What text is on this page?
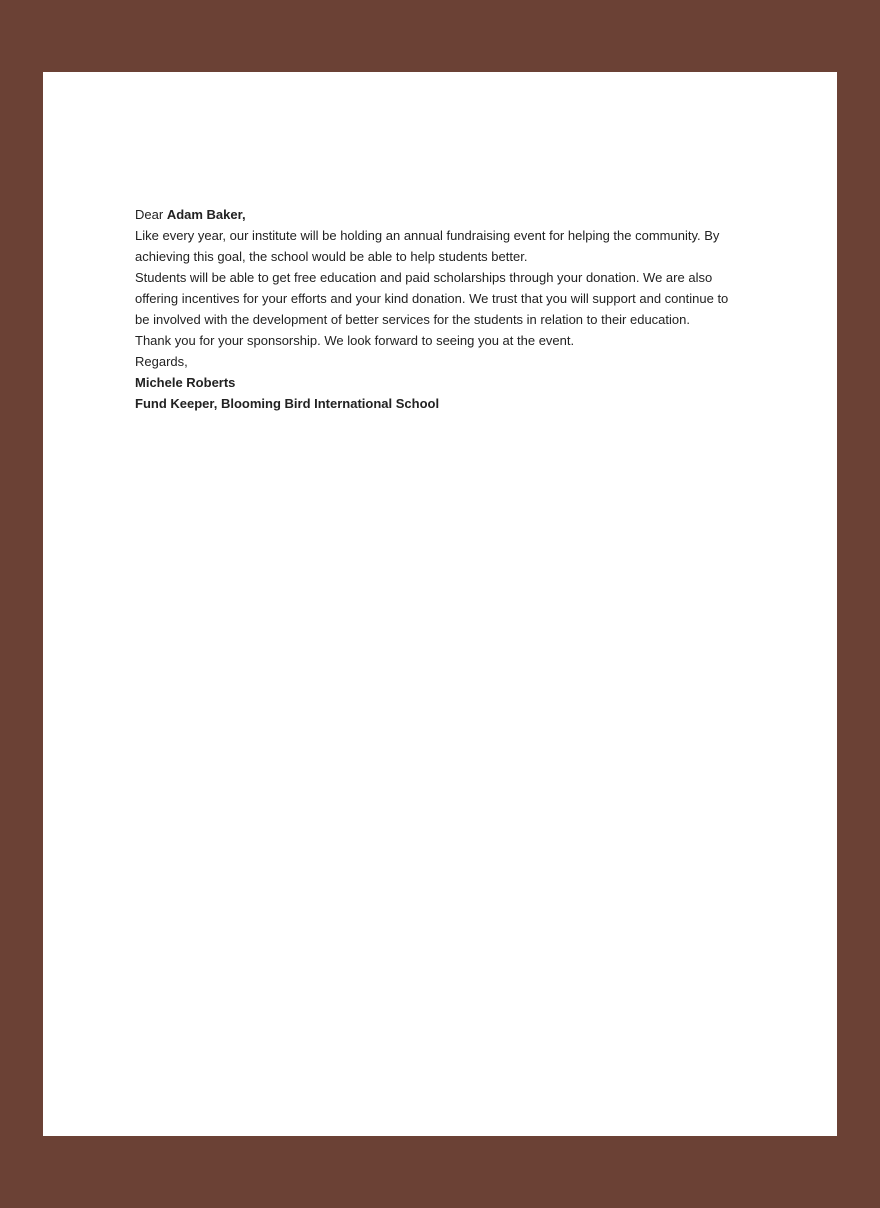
Dear Adam Baker,

Like every year, our institute will be holding an annual fundraising event for helping the community. By achieving this goal, the school would be able to help students better.

Students will be able to get free education and paid scholarships through your donation. We are also offering incentives for your efforts and your kind donation. We trust that you will support and continue to be involved with the development of better services for the students in relation to their education.

Thank you for your sponsorship. We look forward to seeing you at the event.

Regards,

Michele Roberts

Fund Keeper, Blooming Bird International School
